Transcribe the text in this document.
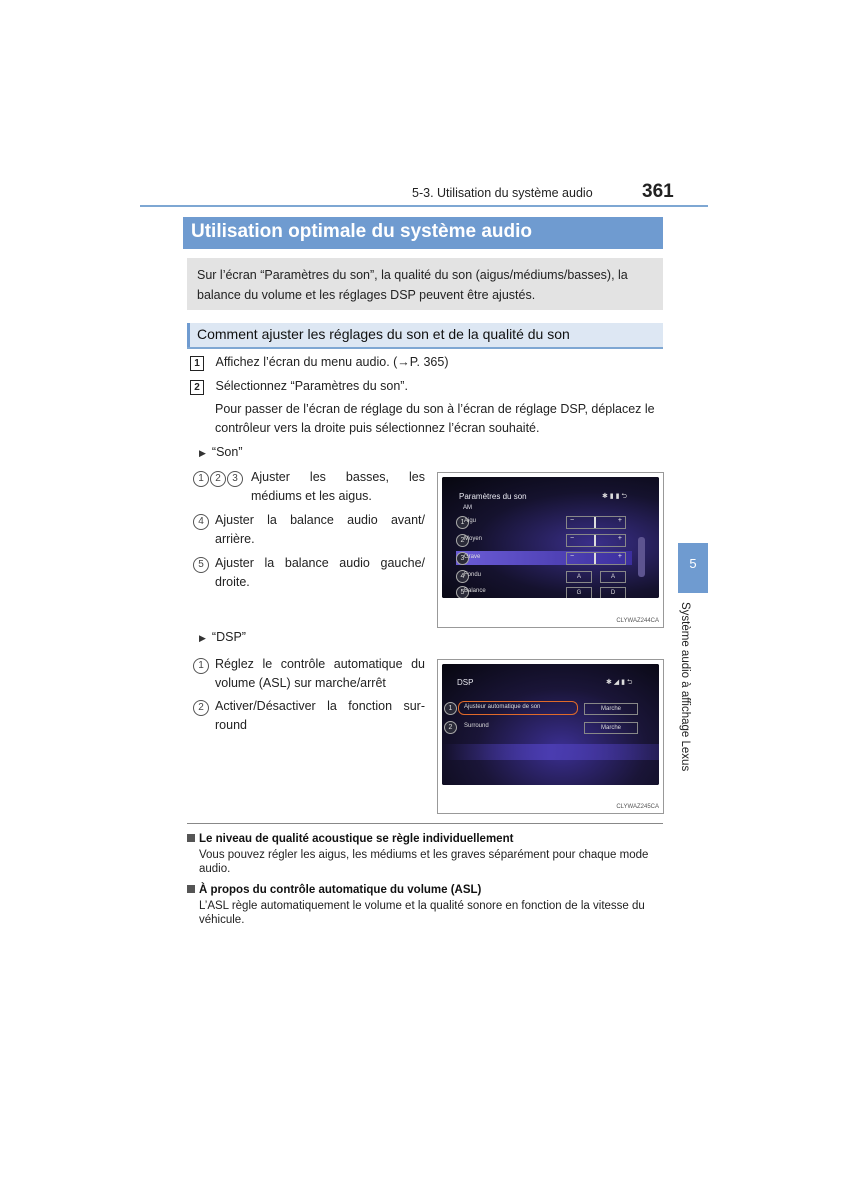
5-3. Utilisation du système audio	361
Utilisation optimale du système audio

Sur l’écran “Paramètres du son”, la qualité du son (aigus/médiums/basses), la balance du volume et les réglages DSP peuvent être ajustés.

Comment ajuster les réglages du son et de la qualité du son
1 Affichez l’écran du menu audio. (→P. 365)
2 Sélectionnez “Paramètres du son”.
Pour passer de l’écran de réglage du son à l’écran de réglage DSP, déplacez le contrôleur vers la droite puis sélectionnez l’écran souhaité.
▶ “Son”
1 2 3 Ajuster les basses, les médiums et les aigus.
4 Ajuster la balance audio avant/ arrière.
5 Ajuster la balance audio gauche/ droite.
Paramètres du son
AM
✱ ▮ ▮ ⮌
1 Aigu	−	+
2 Moyen	−	+
3 Grave	−	+
4 Fondu	A	A
5 Balance	G	D
CLYWAZ244CA
▶ “DSP”
1 Réglez le contrôle automatique du volume (ASL) sur marche/arrêt
2 Activer/Désactiver la fonction sur- round
DSP	✱ ◢ ▮ ⮌
1	Ajusteur automatique de son	Marche
2	Surround	Marche
CLYWAZ245CA
Le niveau de qualité acoustique se règle individuellement
Vous pouvez régler les aigus, les médiums et les graves séparément pour chaque mode audio.
À propos du contrôle automatique du volume (ASL)
L’ASL règle automatiquement le volume et la qualité sonore en fonction de la vitesse du véhicule.
5
Système audio à affichage Lexus
